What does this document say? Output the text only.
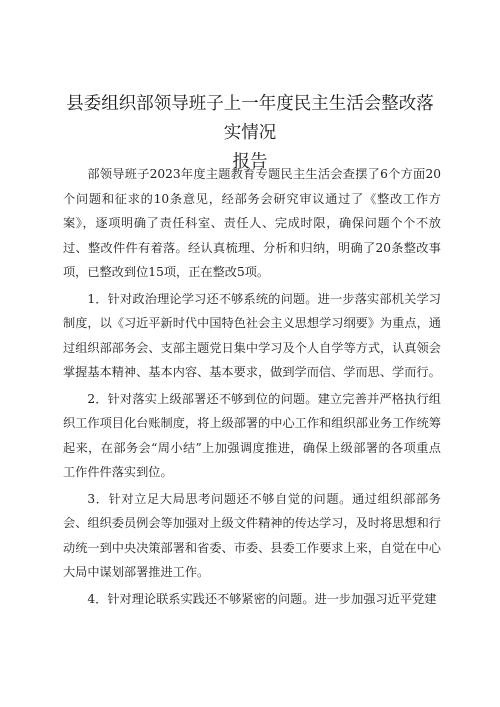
县委组织部领导班子上一年度民主生活会整改落实情况
报告

部领导班子2023年度主题教育专题民主生活会查摆了6个方面20个问题和征求的10条意见，经部务会研究审议通过了《整改工作方案》，逐项明确了责任科室、责任人、完成时限，确保问题个个不放过、整改件件有着落。经认真梳理、分析和归纳，明确了20条整改事项，已整改到位15项，正在整改5项。

1．针对政治理论学习还不够系统的问题。进一步落实部机关学习制度，以《习近平新时代中国特色社会主义思想学习纲要》为重点，通过组织部部务会、支部主题党日集中学习及个人自学等方式，认真领会掌握基本精神、基本内容、基本要求，做到学而信、学而思、学而行。

2．针对落实上级部署还不够到位的问题。建立完善并严格执行组织工作项目化台账制度，将上级部署的中心工作和组织部业务工作统筹起来，在部务会“周小结”上加强调度推进，确保上级部署的各项重点工作件件落实到位。

3．针对立足大局思考问题还不够自觉的问题。通过组织部部务会、组织委员例会等加强对上级文件精神的传达学习，及时将思想和行动统一到中央决策部署和省委、市委、县委工作要求上来，自觉在中心大局中谋划部署推进工作。

4．针对理论联系实践还不够紧密的问题。进一步加强习近平党建
